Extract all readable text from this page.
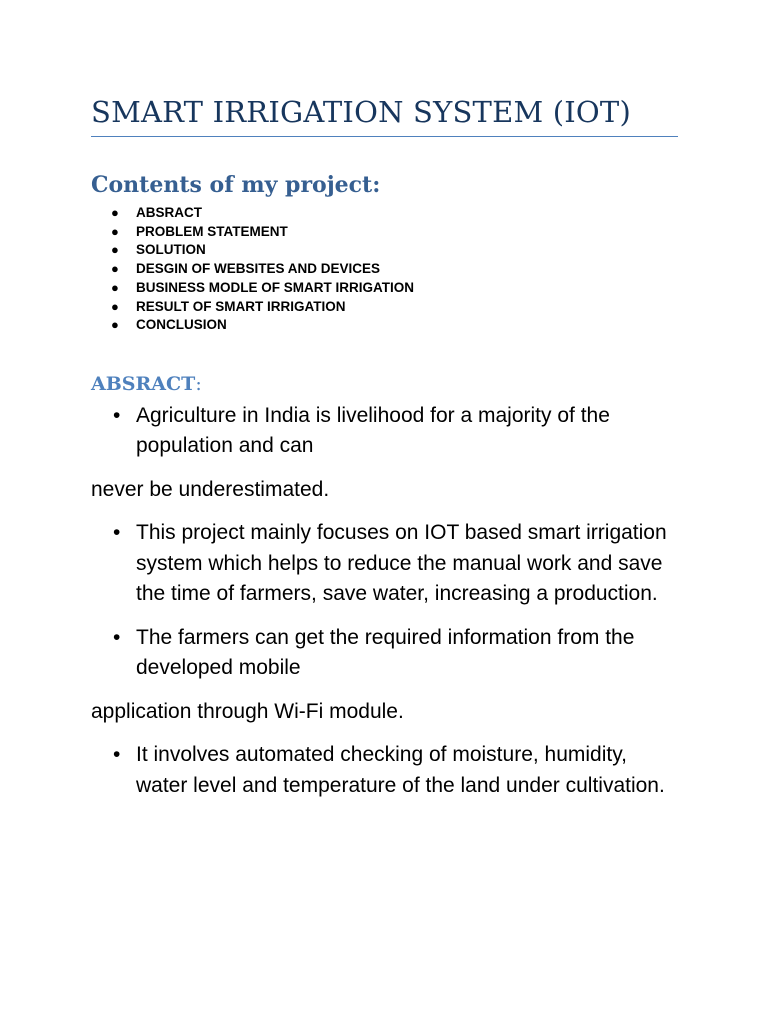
SMART IRRIGATION SYSTEM (IOT)
Contents of my project:
● ABSRACT
● PROBLEM STATEMENT
● SOLUTION
● DESGIN OF WEBSITES AND DEVICES
● BUSINESS MODLE OF SMART IRRIGATION
● RESULT OF SMART IRRIGATION
● CONCLUSION
ABSRACT:
• Agriculture in India is livelihood for a majority of the population and can

never be underestimated.

• This project mainly focuses on IOT based smart irrigation system which helps to reduce the manual work and save the time of farmers, save water, increasing a production.
• The farmers can get the required information from the developed mobile

application through Wi-Fi module.

• It involves automated checking of moisture, humidity, water level and temperature of the land under cultivation.
